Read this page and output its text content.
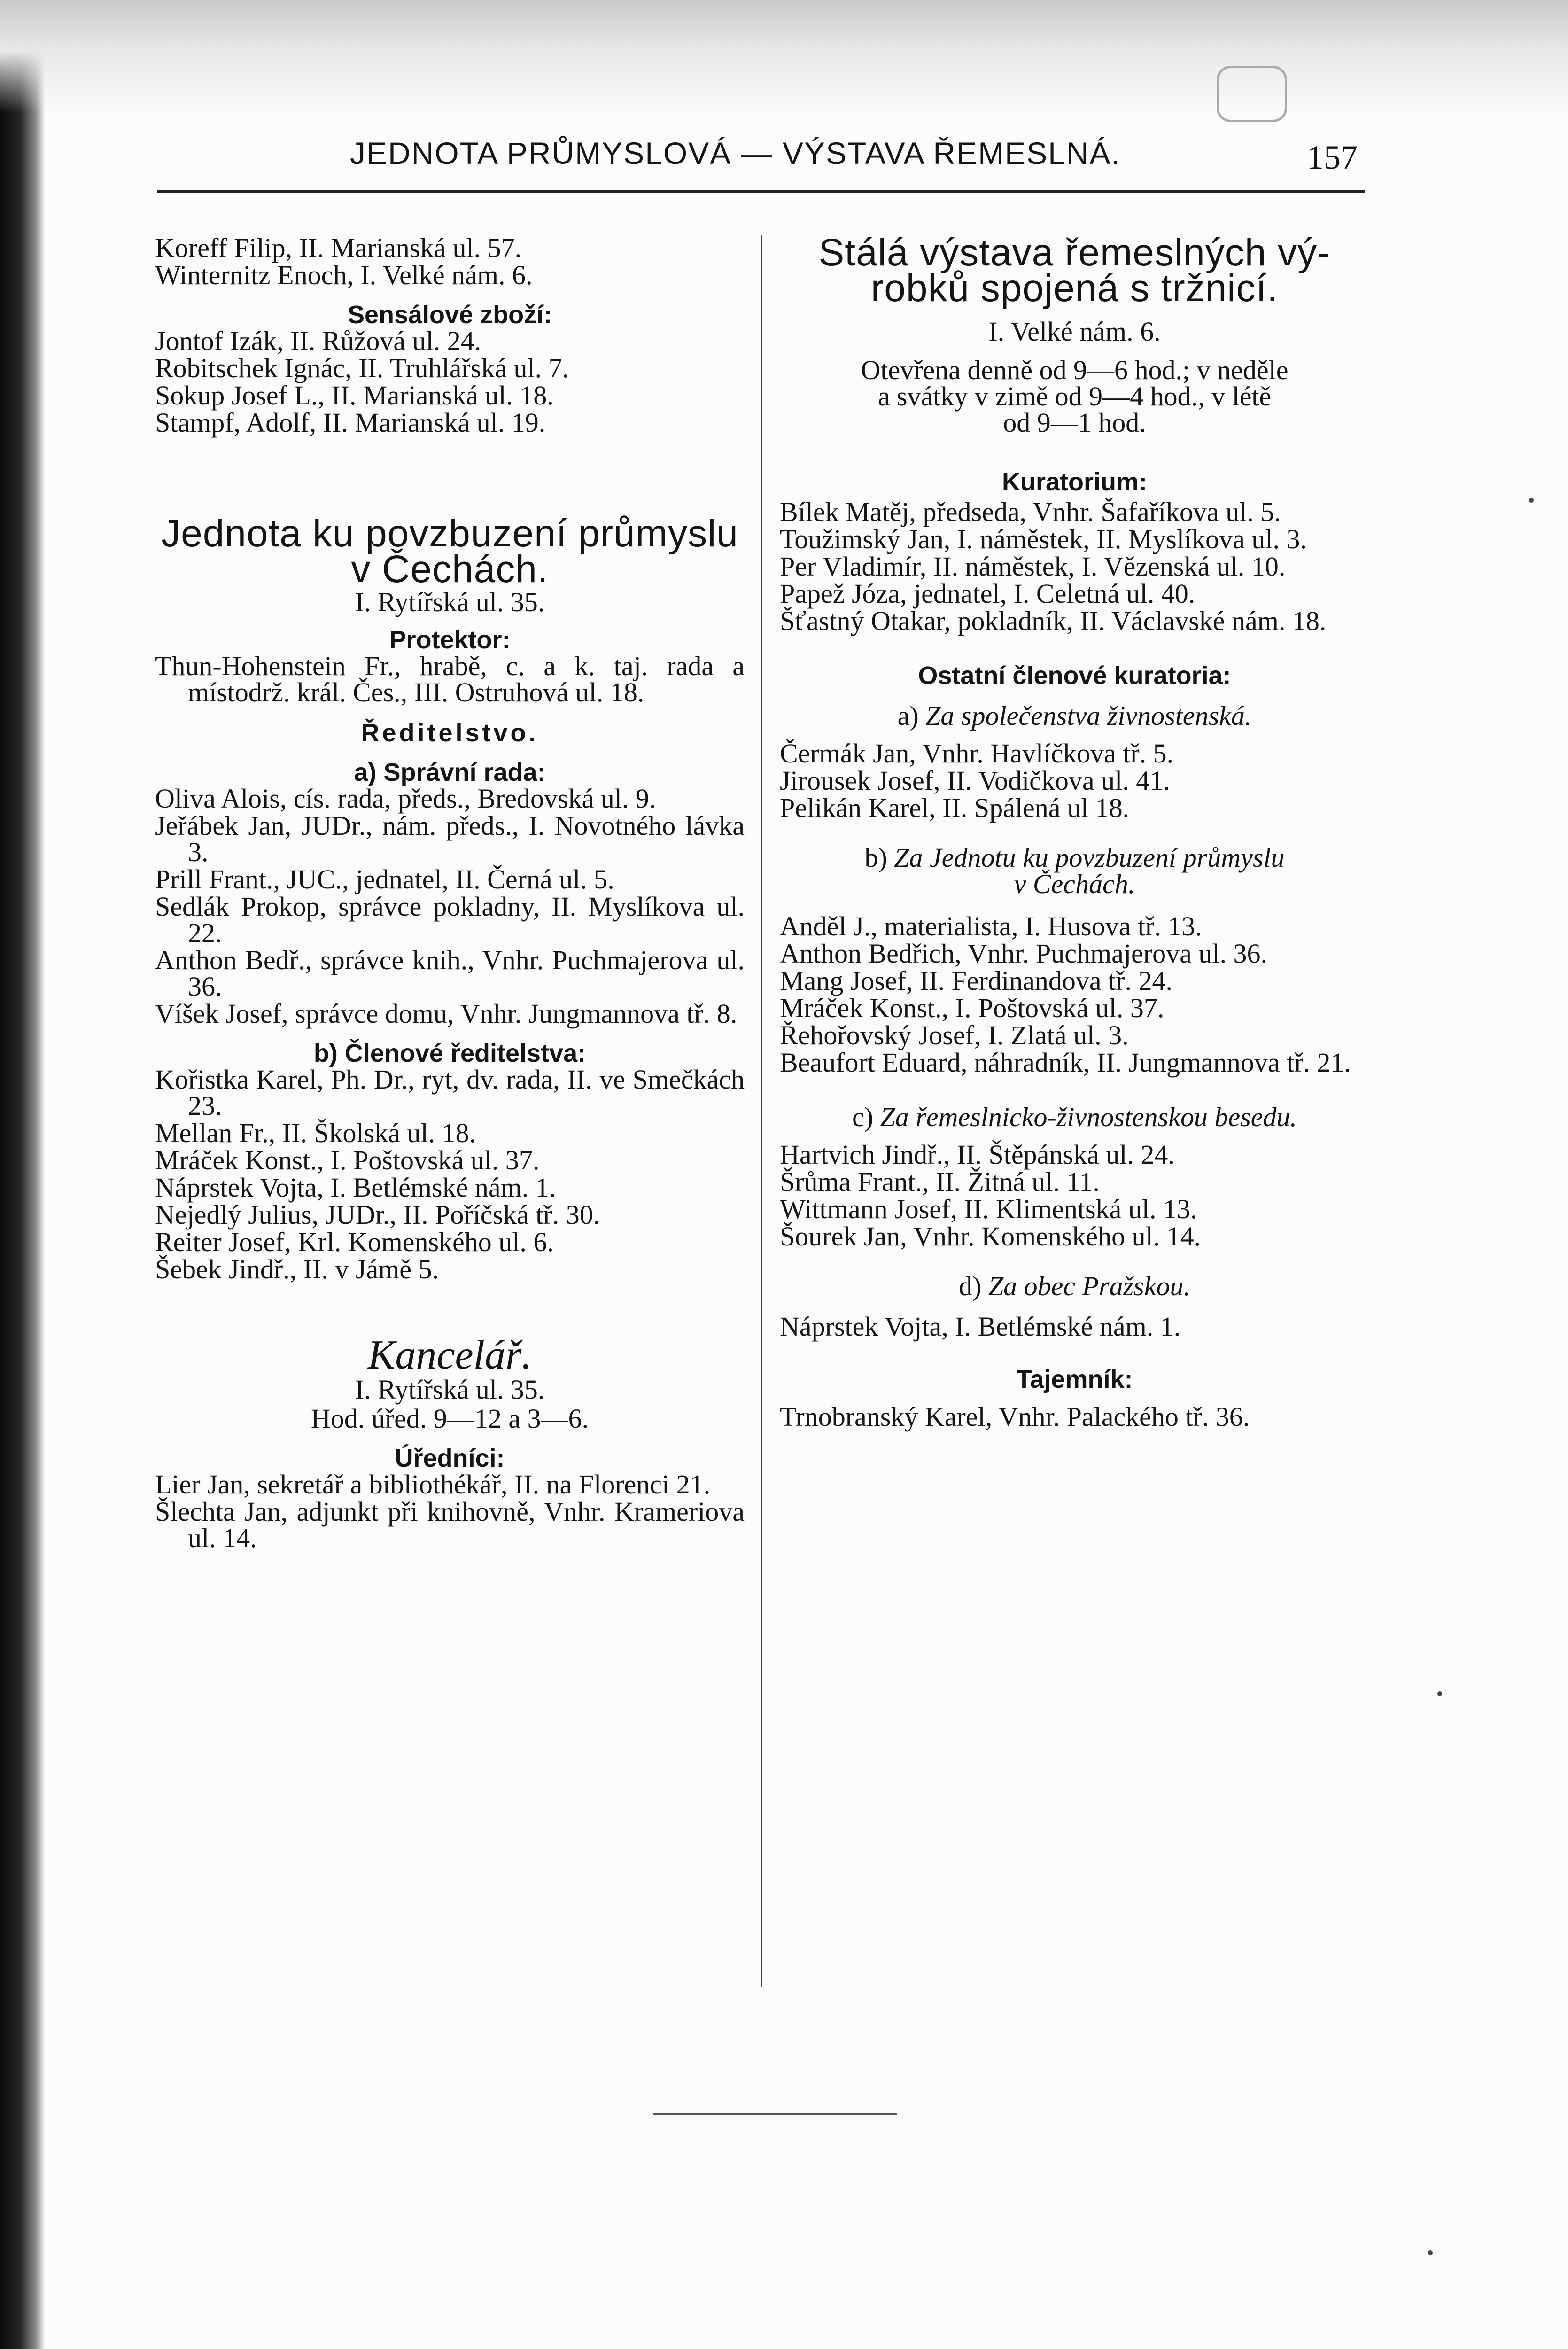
JEDNOTA PRŮMYSLOVÁ — VÝSTAVA ŘEMESLNÁ.	157

Koreff Filip, II. Marianská ul. 57.

Winternitz Enoch, I. Velké nám. 6.

Sensálové zboží:

Jontof Izák, II. Růžová ul. 24.

Robitschek Ignác, II. Truhlářská ul. 7.

Sokup Josef L., II. Marianská ul. 18.

Stampf, Adolf, II. Marianská ul. 19.

Jednota ku povzbuzení průmyslu

v Čechách.

I. Rytířská ul. 35.

Protektor:

Thun-Hohenstein Fr., hrabě, c. a k. taj. rada a místodrž. král. Čes., III. Ostruhová ul. 18.

Ředitelstvo.

a) Správní rada:

Oliva Alois, cís. rada, předs., Bredovská ul. 9.

Jeřábek Jan, JUDr., nám. předs., I. Novotného lávka 3.

Prill Frant., JUC., jednatel, II. Černá ul. 5.

Sedlák Prokop, správce pokladny, II. Myslíkova ul. 22.

Anthon Bedř., správce knih., Vnhr. Puchmajerova ul. 36.

Víšek Josef, správce domu, Vnhr. Jungmannova tř. 8.

b) Členové ředitelstva:

Kořistka Karel, Ph. Dr., ryt, dv. rada, II. ve Smečkách 23.

Mellan Fr., II. Školská ul. 18.

Mráček Konst., I. Poštovská ul. 37.

Náprstek Vojta, I. Betlémské nám. 1.

Nejedlý Julius, JUDr., II. Poříčská tř. 30.

Reiter Josef, Krl. Komenského ul. 6.

Šebek Jindř., II. v Jámě 5.

Kancelář.

I. Rytířská ul. 35.

Hod. úřed. 9—12 a 3—6.

Úředníci:

Lier Jan, sekretář a bibliothékář, II. na Florenci 21.

Šlechta Jan, adjunkt při knihovně, Vnhr. Krameriova ul. 14.

Stálá výstava řemeslných vý-

robků spojená s tržnicí.

I. Velké nám. 6.

Otevřena denně od 9—6 hod.; v neděle

a svátky v zimě od 9—4 hod., v létě

od 9—1 hod.

Kuratorium:

Bílek Matěj, předseda, Vnhr. Šafaříkova ul. 5.

Toužimský Jan, I. náměstek, II. Myslíkova ul. 3.

Per Vladimír, II. náměstek, I. Vězenská ul. 10.

Papež Józa, jednatel, I. Celetná ul. 40.

Šťastný Otakar, pokladník, II. Václavské nám. 18.

Ostatní členové kuratoria:

a) Za společenstva živnostenská.

Čermák Jan, Vnhr. Havlíčkova tř. 5.

Jirousek Josef, II. Vodičkova ul. 41.

Pelikán Karel, II. Spálená ul 18.

b) Za Jednotu ku povzbuzení průmyslu

v Čechách.

Anděl J., materialista, I. Husova tř. 13.

Anthon Bedřich, Vnhr. Puchmajerova ul. 36.

Mang Josef, II. Ferdinandova tř. 24.

Mráček Konst., I. Poštovská ul. 37.

Řehořovský Josef, I. Zlatá ul. 3.

Beaufort Eduard, náhradník, II. Jungmannova tř. 21.

c) Za řemeslnicko-živnostenskou besedu.

Hartvich Jindř., II. Štěpánská ul. 24.

Šrůma Frant., II. Žitná ul. 11.

Wittmann Josef, II. Klimentská ul. 13.

Šourek Jan, Vnhr. Komenského ul. 14.

d) Za obec Pražskou.

Náprstek Vojta, I. Betlémské nám. 1.

Tajemník:

Trnobranský Karel, Vnhr. Palackého tř. 36.
